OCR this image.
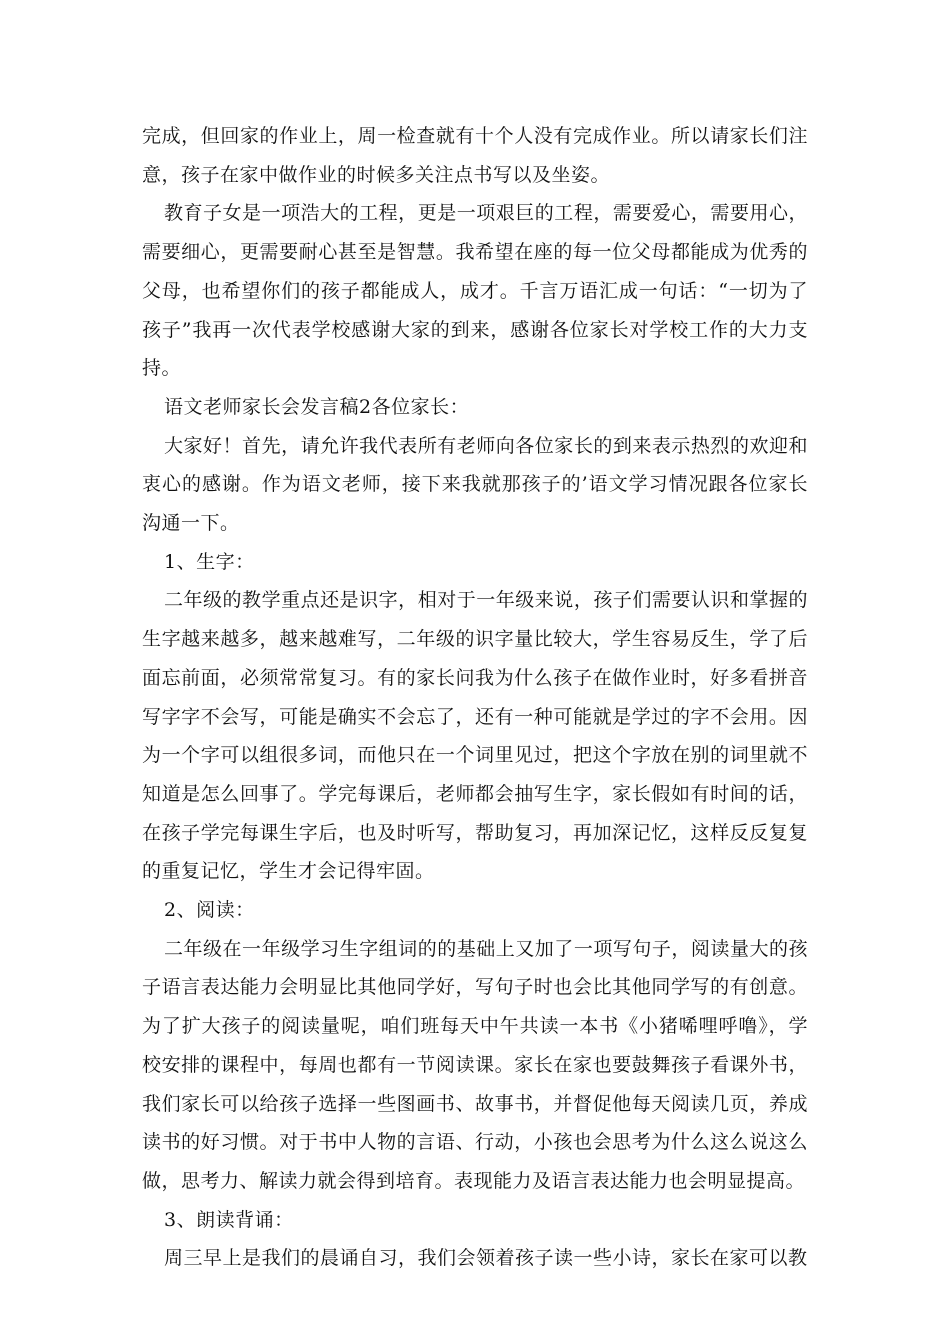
完成，但回家的作业上，周一检查就有十个人没有完成作业。所以请家长们注意，孩子在家中做作业的时候多关注点书写以及坐姿。

教育子女是一项浩大的工程，更是一项艰巨的工程，需要爱心，需要用心，需要细心，更需要耐心甚至是智慧。我希望在座的每一位父母都能成为优秀的父母，也希望你们的孩子都能成人，成才。千言万语汇成一句话：“一切为了孩子”我再一次代表学校感谢大家的到来，感谢各位家长对学校工作的大力支持。

语文老师家长会发言稿2各位家长：

大家好！首先，请允许我代表所有老师向各位家长的到来表示热烈的欢迎和衷心的感谢。作为语文老师，接下来我就那孩子的’语文学习情况跟各位家长沟通一下。

1、生字：

二年级的教学重点还是识字，相对于一年级来说，孩子们需要认识和掌握的生字越来越多，越来越难写，二年级的识字量比较大，学生容易反生，学了后面忘前面，必须常常复习。有的家长问我为什么孩子在做作业时，好多看拼音写字字不会写，可能是确实不会忘了，还有一种可能就是学过的字不会用。因为一个字可以组很多词，而他只在一个词里见过，把这个字放在别的词里就不知道是怎么回事了。学完每课后，老师都会抽写生字，家长假如有时间的话，在孩子学完每课生字后，也及时听写，帮助复习，再加深记忆，这样反反复复的重复记忆，学生才会记得牢固。

2、阅读：

二年级在一年级学习生字组词的的基础上又加了一项写句子，阅读量大的孩子语言表达能力会明显比其他同学好，写句子时也会比其他同学写的有创意。为了扩大孩子的阅读量呢，咱们班每天中午共读一本书《小猪唏哩呼噜》，学校安排的课程中，每周也都有一节阅读课。家长在家也要鼓舞孩子看课外书，我们家长可以给孩子选择一些图画书、故事书，并督促他每天阅读几页，养成读书的好习惯。对于书中人物的言语、行动，小孩也会思考为什么这么说这么做，思考力、解读力就会得到培育。表现能力及语言表达能力也会明显提高。

3、朗读背诵：

周三早上是我们的晨诵自习，我们会领着孩子读一些小诗，家长在家可以教
